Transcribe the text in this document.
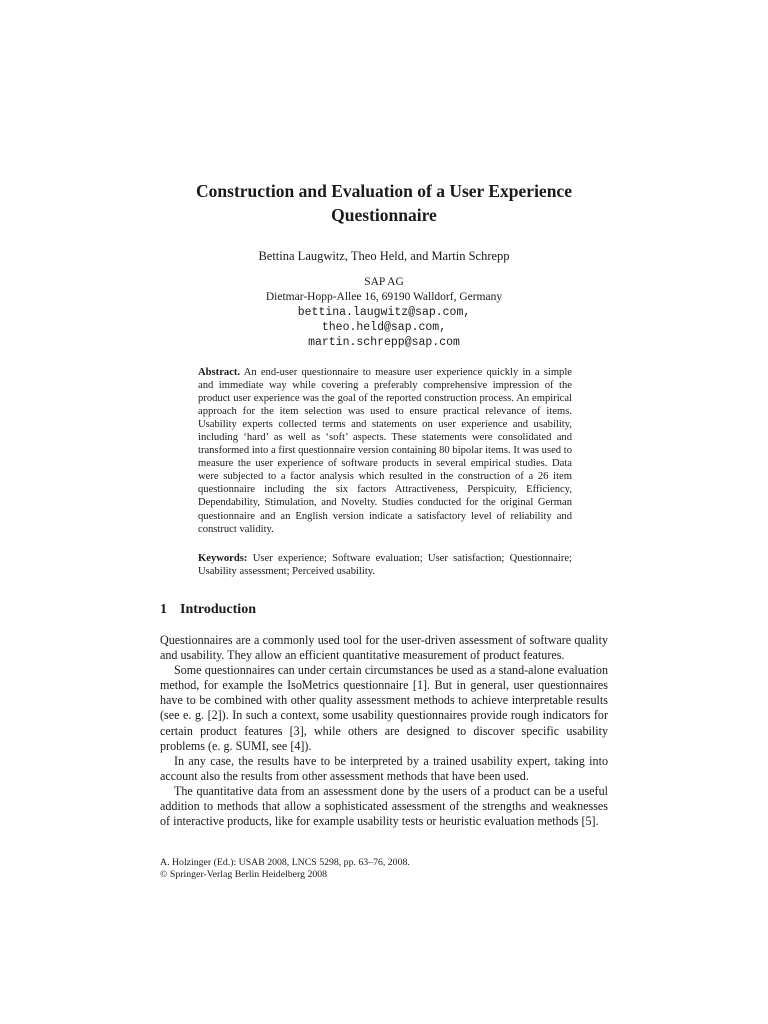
Construction and Evaluation of a User Experience
Questionnaire
Bettina Laugwitz, Theo Held, and Martin Schrepp
SAP AG
Dietmar-Hopp-Allee 16, 69190 Walldorf, Germany
bettina.laugwitz@sap.com,
theo.held@sap.com,
martin.schrepp@sap.com

Abstract. An end-user questionnaire to measure user experience quickly in a simple and immediate way while covering a preferably comprehensive impression of the product user experience was the goal of the reported construction process. An empirical approach for the item selection was used to ensure practical relevance of items. Usability experts collected terms and statements on user experience and usability, including ‘hard’ as well as ‘soft’ aspects. These statements were consolidated and transformed into a first questionnaire version containing 80 bipolar items. It was used to measure the user experience of software products in several empirical studies. Data were subjected to a factor analysis which resulted in the construction of a 26 item questionnaire including the six factors Attractiveness, Perspicuity, Efficiency, Dependability, Stimulation, and Novelty. Studies conducted for the original German questionnaire and an English version indicate a satisfactory level of reliability and construct validity.

Keywords: User experience; Software evaluation; User satisfaction; Questionnaire; Usability assessment; Perceived usability.

1 Introduction

Questionnaires are a commonly used tool for the user-driven assessment of software quality and usability. They allow an efficient quantitative measurement of product features.

Some questionnaires can under certain circumstances be used as a stand-alone evaluation method, for example the IsoMetrics questionnaire [1]. But in general, user questionnaires have to be combined with other quality assessment methods to achieve interpretable results (see e. g. [2]). In such a context, some usability questionnaires provide rough indicators for certain product features [3], while others are designed to discover specific usability problems (e. g. SUMI, see [4]).

In any case, the results have to be interpreted by a trained usability expert, taking into account also the results from other assessment methods that have been used.

The quantitative data from an assessment done by the users of a product can be a useful addition to methods that allow a sophisticated assessment of the strengths and weaknesses of interactive products, like for example usability tests or heuristic evaluation methods [5].

A. Holzinger (Ed.): USAB 2008, LNCS 5298, pp. 63–76, 2008.
© Springer-Verlag Berlin Heidelberg 2008
